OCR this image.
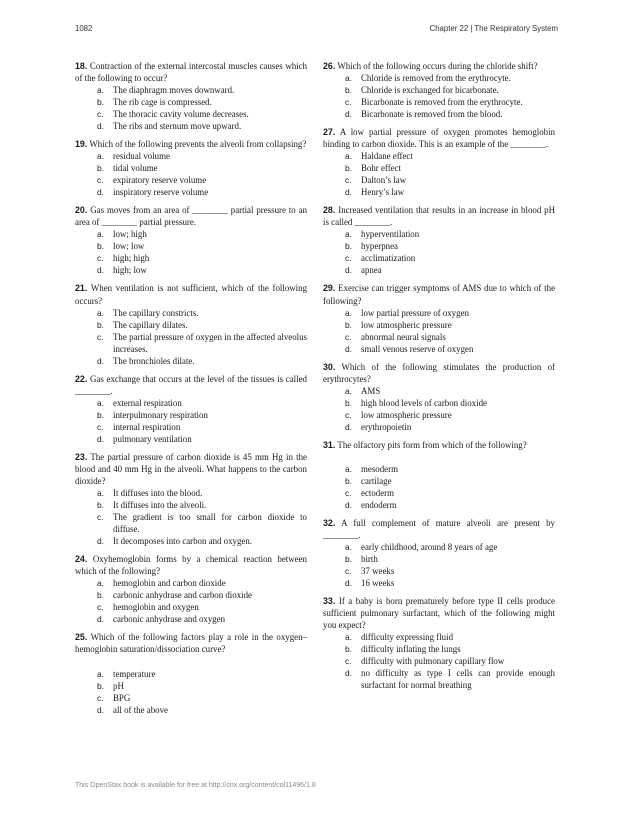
1082	Chapter 22 | The Respiratory System
18. Contraction of the external intercostal muscles causes which of the following to occur?
a. The diaphragm moves downward.
b. The rib cage is compressed.
c. The thoracic cavity volume decreases.
d. The ribs and sternum move upward.
19. Which of the following prevents the alveoli from collapsing?
a. residual volume
b. tidal volume
c. expiratory reserve volume
d. inspiratory reserve volume
20. Gas moves from an area of ________ partial pressure to an area of ________ partial pressure.
a. low; high
b. low; low
c. high; high
d. high; low
21. When ventilation is not sufficient, which of the following occurs?
a. The capillary constricts.
b. The capillary dilates.
c. The partial pressure of oxygen in the affected alveolus increases.
d. The bronchioles dilate.
22. Gas exchange that occurs at the level of the tissues is called ________.
a. external respiration
b. interpulmonary respiration
c. internal respiration
d. pulmonary ventilation
23. The partial pressure of carbon dioxide is 45 mm Hg in the blood and 40 mm Hg in the alveoli. What happens to the carbon dioxide?
a. It diffuses into the blood.
b. It diffuses into the alveoli.
c. The gradient is too small for carbon dioxide to diffuse.
d. It decomposes into carbon and oxygen.
24. Oxyhemoglobin forms by a chemical reaction between which of the following?
a. hemoglobin and carbon dioxide
b. carbonic anhydrase and carbon dioxide
c. hemoglobin and oxygen
d. carbonic anhydrase and oxygen
25. Which of the following factors play a role in the oxygen–hemoglobin saturation/dissociation curve?
a. temperature
b. pH
c. BPG
d. all of the above
26. Which of the following occurs during the chloride shift?
a. Chloride is removed from the erythrocyte.
b. Chloride is exchanged for bicarbonate.
c. Bicarbonate is removed from the erythrocyte.
d. Bicarbonate is removed from the blood.
27. A low partial pressure of oxygen promotes hemoglobin binding to carbon dioxide. This is an example of the ________.
a. Haldane effect
b. Bohr effect
c. Dalton’s law
d. Henry’s law
28. Increased ventilation that results in an increase in blood pH is called ________.
a. hyperventilation
b. hyperpnea
c. acclimatization
d. apnea
29. Exercise can trigger symptoms of AMS due to which of the following?
a. low partial pressure of oxygen
b. low atmospheric pressure
c. abnormal neural signals
d. small venous reserve of oxygen
30. Which of the following stimulates the production of erythrocytes?
a. AMS
b. high blood levels of carbon dioxide
c. low atmospheric pressure
d. erythropoietin
31. The olfactory pits form from which of the following?
a. mesoderm
b. cartilage
c. ectoderm
d. endoderm
32. A full complement of mature alveoli are present by ________.
a. early childhood, around 8 years of age
b. birth
c. 37 weeks
d. 16 weeks
33. If a baby is born prematurely before type II cells produce sufficient pulmonary surfactant, which of the following might you expect?
a. difficulty expressing fluid
b. difficulty inflating the lungs
c. difficulty with pulmonary capillary flow
d. no difficulty as type I cells can provide enough surfactant for normal breathing
This OpenStax book is available for free at http://cnx.org/content/col11496/1.8
